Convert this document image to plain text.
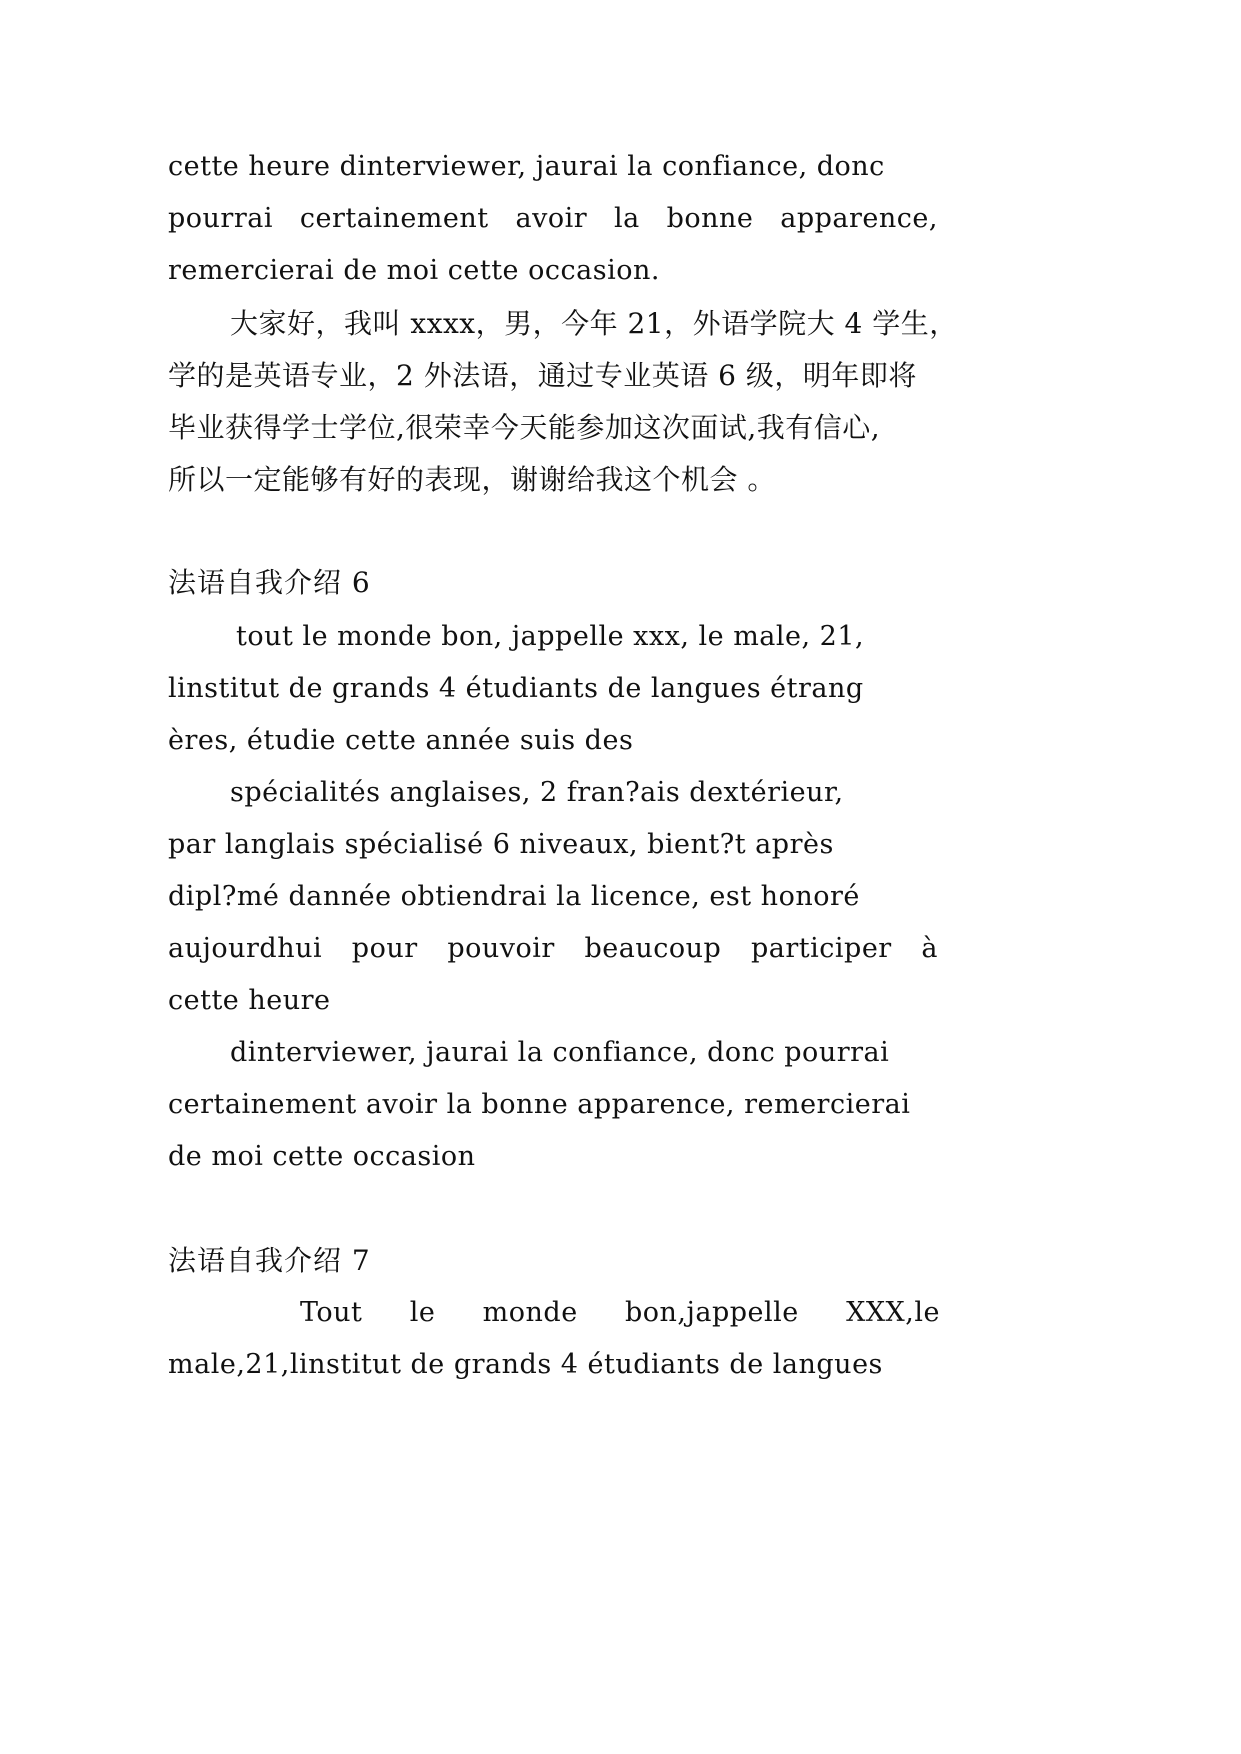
cette heure dinterviewer, jaurai la confiance, donc
pourrai certainement avoir la bonne apparence,
remercierai de moi cette occasion.
大家好，我叫 xxxx，男，今年 21，外语学院大 4 学生，
学的是英语专业，2 外法语，通过专业英语 6 级，明年即将
毕业获得学士学位,很荣幸今天能参加这次面试,我有信心,
所以一定能够有好的表现，谢谢给我这个机会 。
法语自我介绍 6
tout le monde bon, jappelle xxx, le male, 21,
linstitut de grands 4 étudiants de langues étrang
ères, étudie cette année suis des
spécialités anglaises, 2 fran?ais dextérieur,
par langlais spécialisé 6 niveaux, bient?t après
dipl?mé dannée obtiendrai la licence, est honoré
aujourdhui pour pouvoir beaucoup participer à
cette heure
dinterviewer, jaurai la confiance, donc pourrai
certainement avoir la bonne apparence, remercierai
de moi cette occasion
法语自我介绍 7
Tout le monde bon,jappelle XXX,le
male,21,linstitut de grands 4 étudiants de langues
